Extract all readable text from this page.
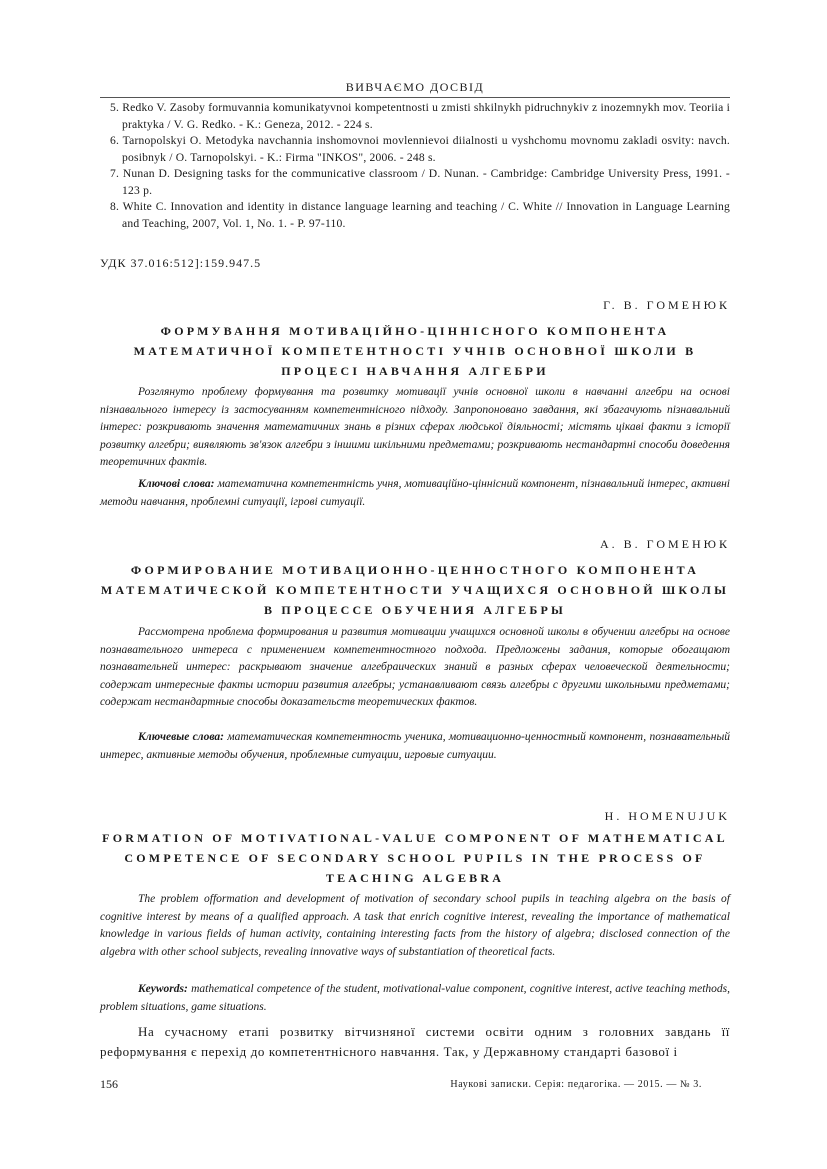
ВИВЧАЄМО ДОСВІД
5. Redko V. Zasoby formuvannia komunikatyvnoi kompetentnosti u zmisti shkilnykh pidruchnykiv z inozemnykh mov. Teoriia i praktyka / V. G. Redko. - K.: Geneza, 2012. - 224 s.
6. Tarnopolskyi O. Metodyka navchannia inshomovnoi movlennievoi diialnosti u vyshchomu movnomu zakladi osvity: navch. posibnyk / O. Tarnopolskyi. - K.: Firma "INKOS", 2006. - 248 s.
7. Nunan D. Designing tasks for the communicative classroom / D. Nunan. - Cambridge: Cambridge University Press, 1991. - 123 p.
8. White C. Innovation and identity in distance language learning and teaching / C. White // Innovation in Language Learning and Teaching, 2007, Vol. 1, No. 1. - P. 97-110.
УДК 37.016:512]:159.947.5
Г. В. ГОМЕНЮК
ФОРМУВАННЯ МОТИВАЦІЙНО-ЦІННІСНОГО КОМПОНЕНТА МАТЕМАТИЧНОЇ КОМПЕТЕНТНОСТІ УЧНІВ ОСНОВНОЇ ШКОЛИ В ПРОЦЕСІ НАВЧАННЯ АЛГЕБРИ

Розглянуто проблему формування та розвитку мотивації учнів основної школи в навчанні алгебри на основі пізнавального інтересу із застосуванням компетентнісного підходу. Запропоновано завдання, які збагачують пізнавальний інтерес: розкривають значення математичних знань в різних сферах людської діяльності; містять цікаві факти з історії розвитку алгебри; виявляють зв'язок алгебри з іншими шкільними предметами; розкривають нестандартні способи доведення теоретичних фактів.

Ключові слова: математична компетентність учня, мотиваційно-ціннісний компонент, пізнавальний інтерес, активні методи навчання, проблемні ситуації, ігрові ситуації.

А. В. ГОМЕНЮК
ФОРМИРОВАНИЕ МОТИВАЦИОННО-ЦЕННОСТНОГО КОМПОНЕНТА МАТЕМАТИЧЕСКОЙ КОМПЕТЕНТНОСТИ УЧАЩИХСЯ ОСНОВНОЙ ШКОЛЫ В ПРОЦЕССЕ ОБУЧЕНИЯ АЛГЕБРЫ

Рассмотрена проблема формирования и развития мотивации учащихся основной школы в обучении алгебры на основе познавательного интереса с применением компетентностного подхода. Предложены задания, которые обогащают познавательней интерес: раскрывают значение алгебраических знаний в разных сферах человеческой деятельности; содержат интересные факты истории развития алгебры; устанавливают связь алгебры с другими школьными предметами; содержат нестандартные способы доказательств теоретических фактов.

Ключевые слова: математическая компетентность ученика, мотивационно-ценностный компонент, познавательный интерес, активные методы обучения, проблемные ситуации, игровые ситуации.

H. HOMENUJUK
FORMATION OF MOTIVATIONAL-VALUE COMPONENT OF MATHEMATICAL COMPETENCE OF SECONDARY SCHOOL PUPILS IN THE PROCESS OF TEACHING ALGEBRA

The problem offormation and development of motivation of secondary school pupils in teaching algebra on the basis of cognitive interest by means of a qualified approach. A task that enrich cognitive interest, revealing the importance of mathematical knowledge in various fields of human activity, containing interesting facts from the history of algebra; disclosed connection of the algebra with other school subjects, revealing innovative ways of substantiation of theoretical facts.

Keywords: mathematical competence of the student, motivational-value component, cognitive interest, active teaching methods, problem situations, game situations.

На сучасному етапі розвитку вітчизняної системи освіти одним з головних завдань її реформування є перехід до компетентнісного навчання. Так, у Державному стандарті базової і

156	Наукові записки. Серія: педагогіка. — 2015. — № 3.
